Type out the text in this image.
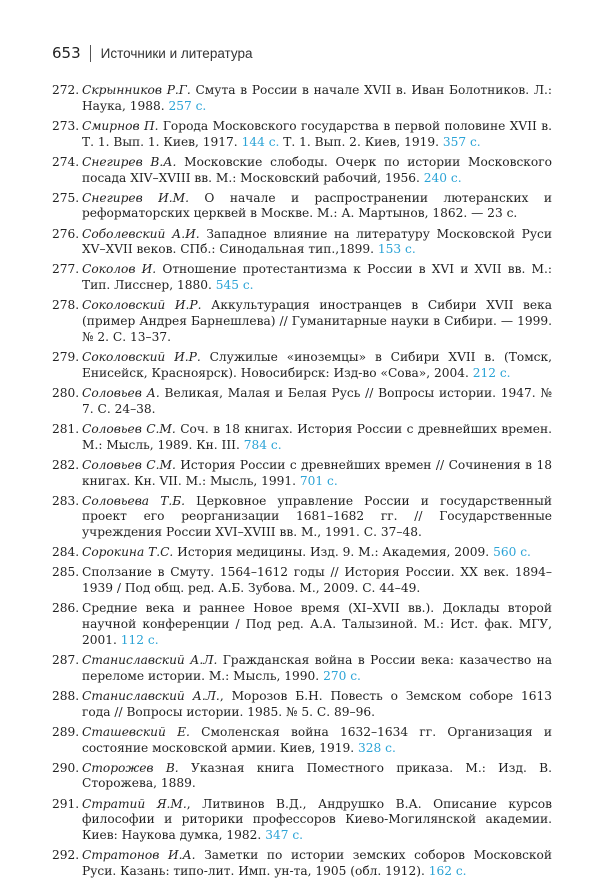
653 Источники и литература
272. Скрынников Р.Г. Смута в России в начале XVII в. Иван Болотников. Л.: Наука, 1988. 257 с.
273. Смирнов П. Города Московского государства в первой половине XVII в. Т. 1. Вып. 1. Киев, 1917. 144 с. Т. 1. Вып. 2. Киев, 1919. 357 с.
274. Снегирев В.А. Московские слободы. Очерк по истории Московского посада XIV–XVIII вв. М.: Московский рабочий, 1956. 240 с.
275. Снегирев И.М. О начале и распространении лютеранских и реформаторских церквей в Москве. М.: А. Мартынов, 1862. — 23 с.
276. Соболевский А.И. Западное влияние на литературу Московской Руси XV–XVII веков. СПб.: Синодальная тип.,1899. 153 с.
277. Соколов И. Отношение протестантизма к России в XVI и XVII вв. М.: Тип. Лисснер, 1880. 545 с.
278. Соколовский И.Р. Аккультурация иностранцев в Сибири XVII века (пример Андрея Барнешлева) // Гуманитарные науки в Сибири. — 1999. № 2. С. 13–37.
279. Соколовский И.Р. Служилые «иноземцы» в Сибири XVII в. (Томск, Енисейск, Красноярск). Новосибирск: Изд-во «Сова», 2004. 212 с.
280. Соловьев А. Великая, Малая и Белая Русь // Вопросы истории. 1947. № 7. С. 24–38.
281. Соловьев С.М. Соч. в 18 книгах. История России с древнейших времен. М.: Мысль, 1989. Кн. III. 784 с.
282. Соловьев С.М. История России с древнейших времен // Сочинения в 18 книгах. Кн. VII. М.: Мысль, 1991. 701 с.
283. Соловьева Т.Б. Церковное управление России и государственный проект его реорганизации 1681–1682 гг. // Государственные учреждения России XVI–XVIII вв. М., 1991. С. 37–48.
284. Сорокина Т.С. История медицины. Изд. 9. М.: Академия, 2009. 560 с.
285. Сползание в Смуту. 1564–1612 годы // История России. XX век. 1894–1939 / Под общ. ред. А.Б. Зубова. М., 2009. С. 44–49.
286. Средние века и раннее Новое время (XI–XVII вв.). Доклады второй научной конференции / Под ред. А.А. Талызиной. М.: Ист. фак. МГУ, 2001. 112 с.
287. Станиславский А.Л. Гражданская война в России века: казачество на переломе истории. М.: Мысль, 1990. 270 с.
288. Станиславский А.Л., Морозов Б.Н. Повесть о Земском соборе 1613 года // Вопросы истории. 1985. № 5. С. 89–96.
289. Сташевский Е. Смоленская война 1632–1634 гг. Организация и состояние московской армии. Киев, 1919. 328 с.
290. Сторожев В. Указная книга Поместного приказа. М.: Изд. В. Сторожева, 1889.
291. Стратий Я.М., Литвинов В.Д., Андрушко В.А. Описание курсов философии и риторики профессоров Киево-Могилянской академии. Киев: Наукова думка, 1982. 347 с.
292. Стратонов И.А. Заметки по истории земских соборов Московской Руси. Казань: типо-лит. Имп. ун-та, 1905 (обл. 1912). 162 с.
